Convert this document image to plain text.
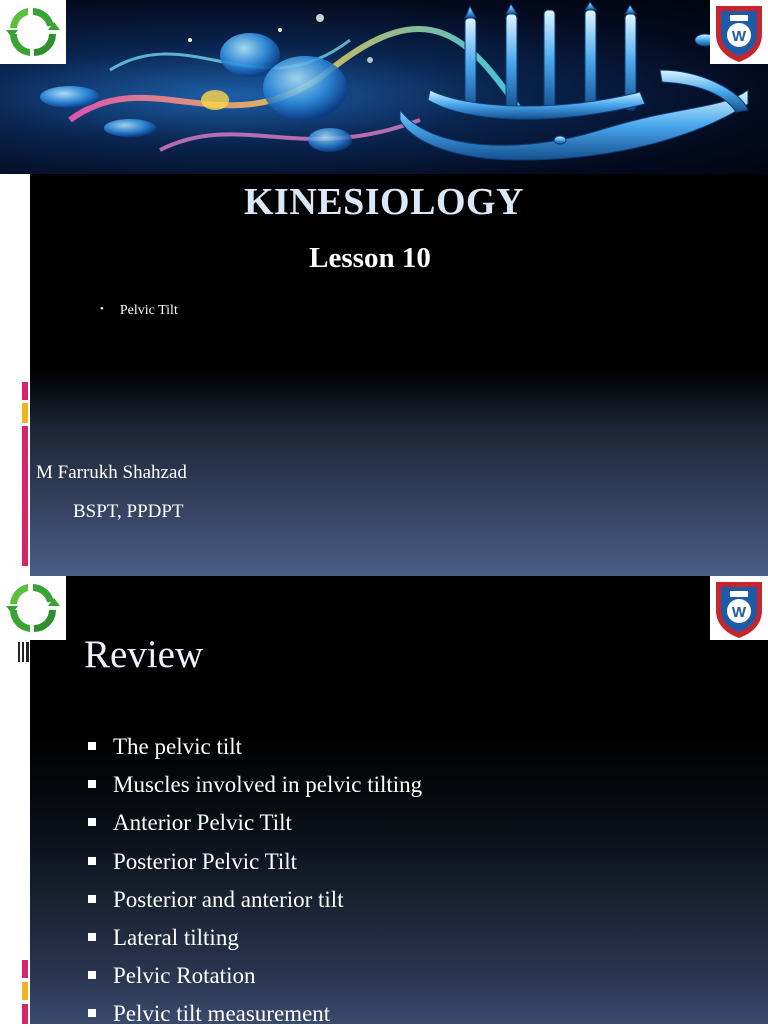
W
KINESIOLOGY
Lesson 10
• Pelvic Tilt
M Farrukh Shahzad
BSPT, PPDPT
W
Review
The pelvic tilt
Muscles involved in pelvic tilting
Anterior Pelvic Tilt
Posterior Pelvic Tilt
Posterior and anterior tilt
Lateral tilting
Pelvic Rotation
Pelvic tilt measurement
